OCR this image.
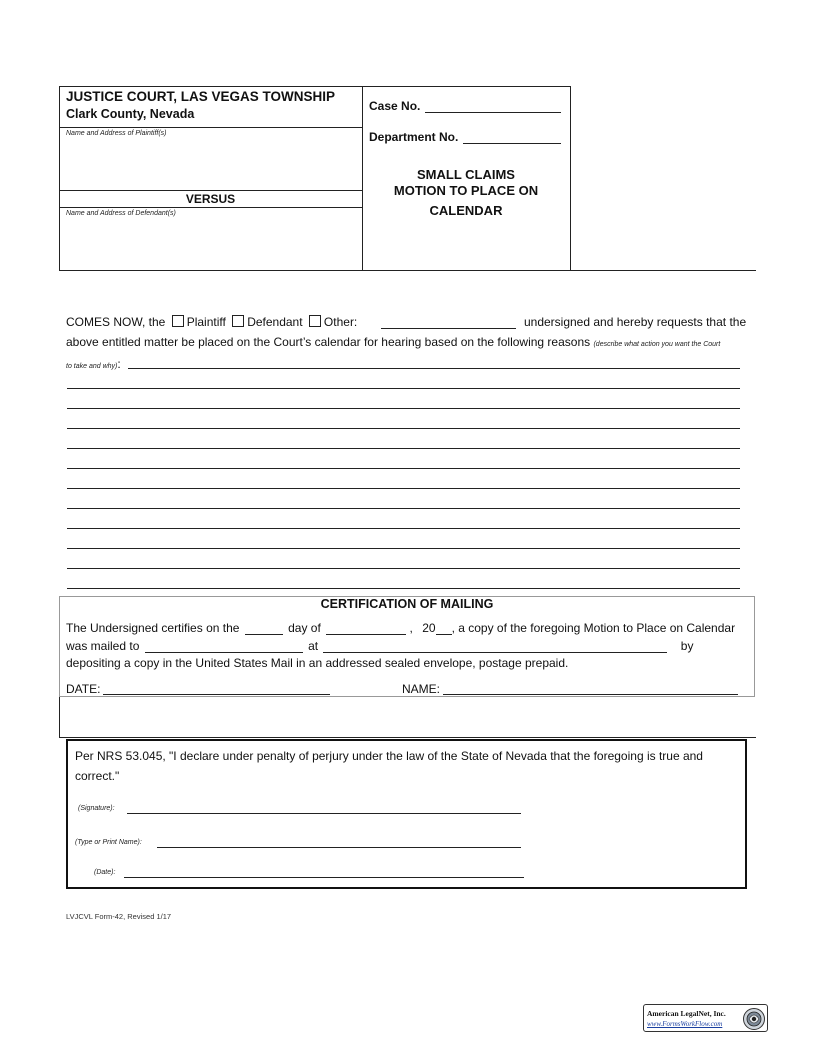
JUSTICE COURT, LAS VEGAS TOWNSHIP
Clark County, Nevada
Name and Address of Plaintiff(s)
VERSUS
Name and Address of Defendant(s)
Case No.
Department No.
SMALL CLAIMS
MOTION TO PLACE ON
CALENDAR
COMES NOW, the Plaintiff Defendant Other:	undersigned and hereby requests that the
above entitled matter be placed on the Court’s calendar for hearing based on the following reasons (describe what action you want the Court
to take and why):
CERTIFICATION OF MAILING
The Undersigned certifies on the	day of	, 20 , a copy of the foregoing Motion to Place on Calendar
was mailed to	at	by
depositing a copy in the United States Mail in an addressed sealed envelope, postage prepaid.
DATE:	NAME:
Per NRS 53.045, "I declare under penalty of perjury under the law of the State of Nevada that the foregoing is true and
correct."
(Signature):
(Type or Print Name):
(Date):
LVJCVL Form-42, Revised 1/17
American LegalNet, Inc.
www.FormsWorkFlow.com
